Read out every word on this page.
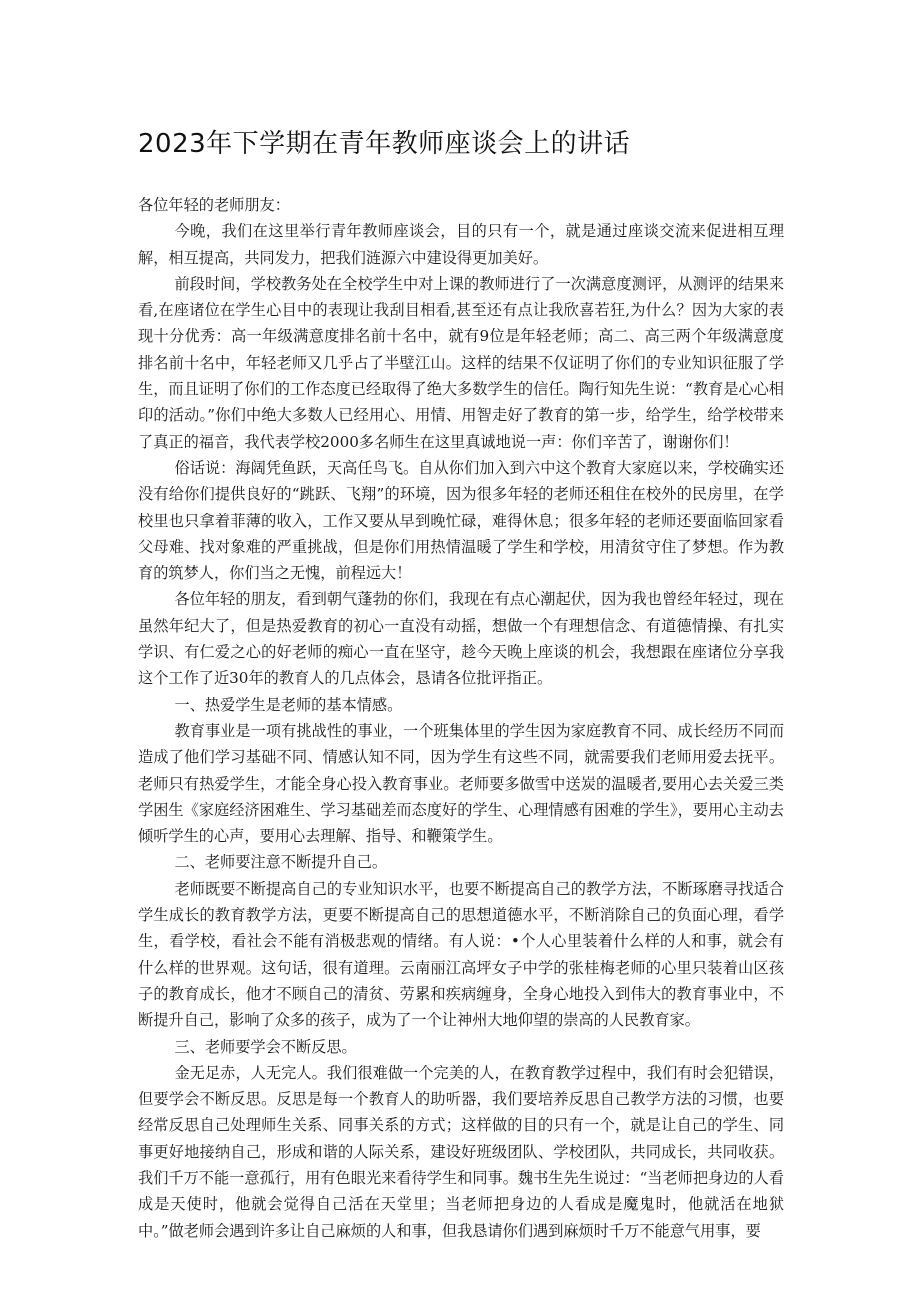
2023年下学期在青年教师座谈会上的讲话

各位年轻的老师朋友：

今晚，我们在这里举行青年教师座谈会，目的只有一个，就是通过座谈交流来促进相互理解，相互提高，共同发力，把我们涟源六中建设得更加美好。

前段时间，学校教务处在全校学生中对上课的教师进行了一次满意度测评，从测评的结果来看,在座诸位在学生心目中的表现让我刮目相看,甚至还有点让我欣喜若狂,为什么？因为大家的表现十分优秀：高一年级满意度排名前十名中，就有9位是年轻老师；高二、高三两个年级满意度排名前十名中，年轻老师又几乎占了半壁江山。这样的结果不仅证明了你们的专业知识征服了学生，而且证明了你们的工作态度已经取得了绝大多数学生的信任。陶行知先生说：“教育是心心相印的活动。”你们中绝大多数人已经用心、用情、用智走好了教育的第一步，给学生，给学校带来了真正的福音，我代表学校2000多名师生在这里真诚地说一声：你们辛苦了，谢谢你们！

俗话说：海阔凭鱼跃，天高任鸟飞。自从你们加入到六中这个教育大家庭以来，学校确实还没有给你们提供良好的“跳跃、飞翔”的环境，因为很多年轻的老师还租住在校外的民房里，在学校里也只拿着菲薄的收入，工作又要从早到晚忙碌，难得休息；很多年轻的老师还要面临回家看父母难、找对象难的严重挑战，但是你们用热情温暖了学生和学校，用清贫守住了梦想。作为教育的筑梦人，你们当之无愧，前程远大！

各位年轻的朋友，看到朝气蓬勃的你们，我现在有点心潮起伏，因为我也曾经年轻过，现在虽然年纪大了，但是热爱教育的初心一直没有动摇，想做一个有理想信念、有道德情操、有扎实学识、有仁爱之心的好老师的痴心一直在坚守，趁今天晚上座谈的机会，我想跟在座诸位分享我这个工作了近30年的教育人的几点体会，恳请各位批评指正。

一、热爱学生是老师的基本情感。

教育事业是一项有挑战性的事业，一个班集体里的学生因为家庭教育不同、成长经历不同而造成了他们学习基础不同、情感认知不同，因为学生有这些不同，就需要我们老师用爱去抚平。老师只有热爱学生，才能全身心投入教育事业。老师要多做雪中送炭的温暖者,要用心去关爱三类学困生《家庭经济困难生、学习基础差而态度好的学生、心理情感有困难的学生》，要用心主动去倾听学生的心声，要用心去理解、指导、和鞭策学生。

二、老师要注意不断提升自己。

老师既要不断提高自己的专业知识水平，也要不断提高自己的教学方法，不断琢磨寻找适合学生成长的教育教学方法，更要不断提高自己的思想道德水平，不断消除自己的负面心理，看学生，看学校，看社会不能有消极悲观的情绪。有人说：•个人心里装着什么样的人和事，就会有什么样的世界观。这句话，很有道理。云南丽江高坪女子中学的张桂梅老师的心里只装着山区孩子的教育成长，他才不顾自己的清贫、劳累和疾病缠身，全身心地投入到伟大的教育事业中，不断提升自己，影响了众多的孩子，成为了一个让神州大地仰望的崇高的人民教育家。

三、老师要学会不断反思。

金无足赤，人无完人。我们很难做一个完美的人，在教育教学过程中，我们有时会犯错误，但要学会不断反思。反思是每一个教育人的助听器，我们要培养反思自己教学方法的习惯，也要经常反思自己处理师生关系、同事关系的方式；这样做的目的只有一个，就是让自己的学生、同事更好地接纳自己，形成和谐的人际关系，建设好班级团队、学校团队，共同成长，共同收获。我们千万不能一意孤行，用有色眼光来看待学生和同事。魏书生先生说过：“当老师把身边的人看成是天使时，他就会觉得自己活在天堂里；当老师把身边的人看成是魔鬼时，他就活在地狱中。”做老师会遇到许多让自己麻烦的人和事，但我恳请你们遇到麻烦时千万不能意气用事，要
